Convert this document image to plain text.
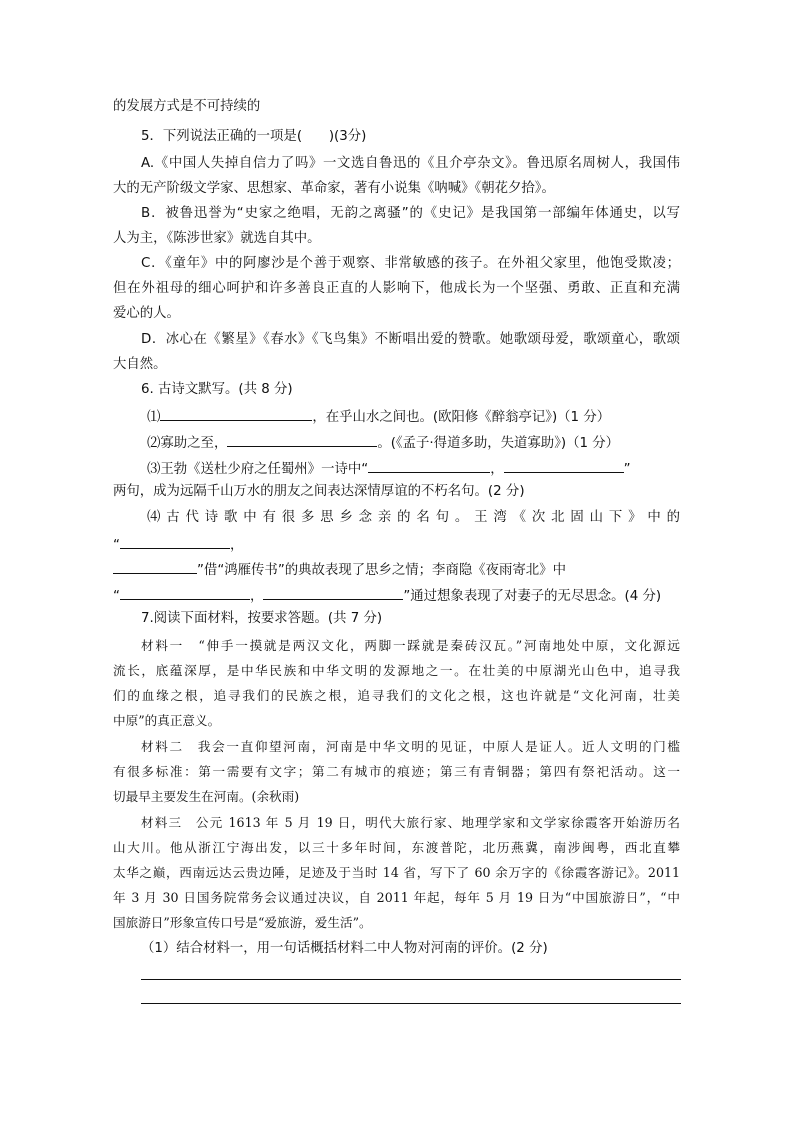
的发展方式是不可持续的
5．下列说法正确的一项是(　　)(3分)
A.《中国人失掉自信力了吗》一文选自鲁迅的《且介亭杂文》。鲁迅原名周树人，我国伟
大的无产阶级文学家、思想家、革命家，著有小说集《呐喊》《朝花夕拾》。
B．被鲁迅誉为“史家之绝唱，无韵之离骚”的《史记》是我国第一部编年体通史，以写
人为主，《陈涉世家》就选自其中。
C．《童年》中的阿廖沙是个善于观察、非常敏感的孩子。在外祖父家里，他饱受欺凌；
但在外祖母的细心呵护和许多善良正直的人影响下，他成长为一个坚强、勇敢、正直和充满
爱心的人。
D．冰心在《繁星》《春水》《飞鸟集》不断唱出爱的赞歌。她歌颂母爱，歌颂童心，歌颂
大自然。
6. 古诗文默写。(共 8 分)
⑴	，在乎山水之间也。(欧阳修《醉翁亭记》)（1 分）
⑵寡助之至，	。(《孟子·得道多助，失道寡助》)（1 分）
⑶王勃《送杜少府之任蜀州》一诗中“	，	”
两句，成为远隔千山万水的朋友之间表达深情厚谊的不朽名句。(2 分)
⑷ 古 代 诗 歌 中 有 很 多 思 乡 念 亲 的 名 句 。 王 湾 《 次 北 固 山 下 》 中 的
“	，
”借“鸿雁传书”的典故表现了思乡之情；李商隐《夜雨寄北》中
“	，	”通过想象表现了对妻子的无尽思念。(4 分)
7.阅读下面材料，按要求答题。(共 7 分)
材料一　“伸手一摸就是两汉文化，两脚一踩就是秦砖汉瓦。”河南地处中原，文化源远
流长，底蕴深厚，是中华民族和中华文明的发源地之一。在壮美的中原湖光山色中，追寻我
们的血缘之根，追寻我们的民族之根，追寻我们的文化之根，这也许就是“文化河南，壮美
中原”的真正意义。
材料二　我会一直仰望河南，河南是中华文明的见证，中原人是证人。近人文明的门槛
有很多标准：第一需要有文字；第二有城市的痕迹；第三有青铜器；第四有祭祀活动。这一
切最早主要发生在河南。(余秋雨)
材料三　公元 1613 年 5 月 19 日，明代大旅行家、地理学家和文学家徐霞客开始游历名
山大川。他从浙江宁海出发，以三十多年时间，东渡普陀，北历燕冀，南涉闽粤，西北直攀
太华之巅，西南远达云贵边陲，足迹及于当时 14 省，写下了 60 余万字的《徐霞客游记》。2011
年 3 月 30 日国务院常务会议通过决议，自 2011 年起，每年 5 月 19 日为“中国旅游日”，“中
国旅游日”形象宣传口号是“爱旅游，爱生活”。
（1）结合材料一，用一句话概括材料二中人物对河南的评价。(2 分)
